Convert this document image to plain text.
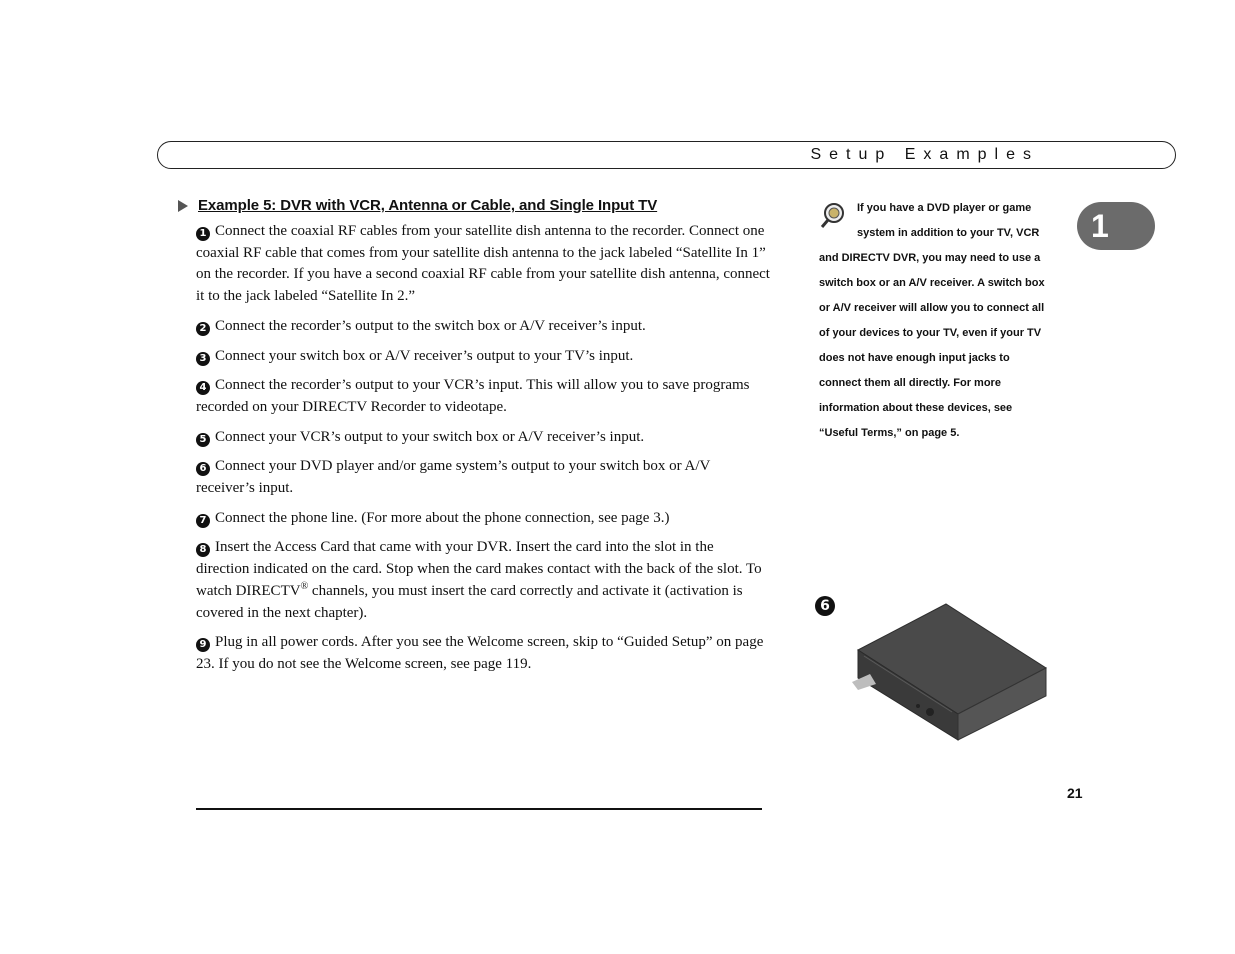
Setup Examples
Example 5: DVR with VCR, Antenna or Cable, and Single Input TV

1 Connect the coaxial RF cables from your satellite dish antenna to the recorder. Connect one coaxial RF cable that comes from your satellite dish antenna to the jack labeled “Satellite In 1” on the recorder. If you have a second coaxial RF cable from your satellite dish antenna, connect it to the jack labeled “Satellite In 2.”

2 Connect the recorder’s output to the switch box or A/V receiver’s input.

3 Connect your switch box or A/V receiver’s output to your TV’s input.

4 Connect the recorder’s output to your VCR’s input. This will allow you to save programs recorded on your DIRECTV Recorder to videotape.

5 Connect your VCR’s output to your switch box or A/V receiver’s input.

6 Connect your DVD player and/or game system’s output to your switch box or A/V receiver’s input.

7 Connect the phone line. (For more about the phone connection, see page 3.)

8 Insert the Access Card that came with your DVR. Insert the card into the slot in the direction indicated on the card. Stop when the card makes contact with the back of the slot. To watch DIRECTV® channels, you must insert the card correctly and activate it (activation is covered in the next chapter).

9 Plug in all power cords. After you see the Welcome screen, skip to “Guided Setup” on page 23. If you do not see the Welcome screen, see page 119.

If you have a DVD player or game system in addition to your TV, VCR and DIRECTV DVR, you may need to use a switch box or an A/V receiver. A switch box or A/V receiver will allow you to connect all of your devices to your TV, even if your TV does not have enough input jacks to connect them all directly. For more information about these devices, see “Useful Terms,” on page 5.
1
6
21
